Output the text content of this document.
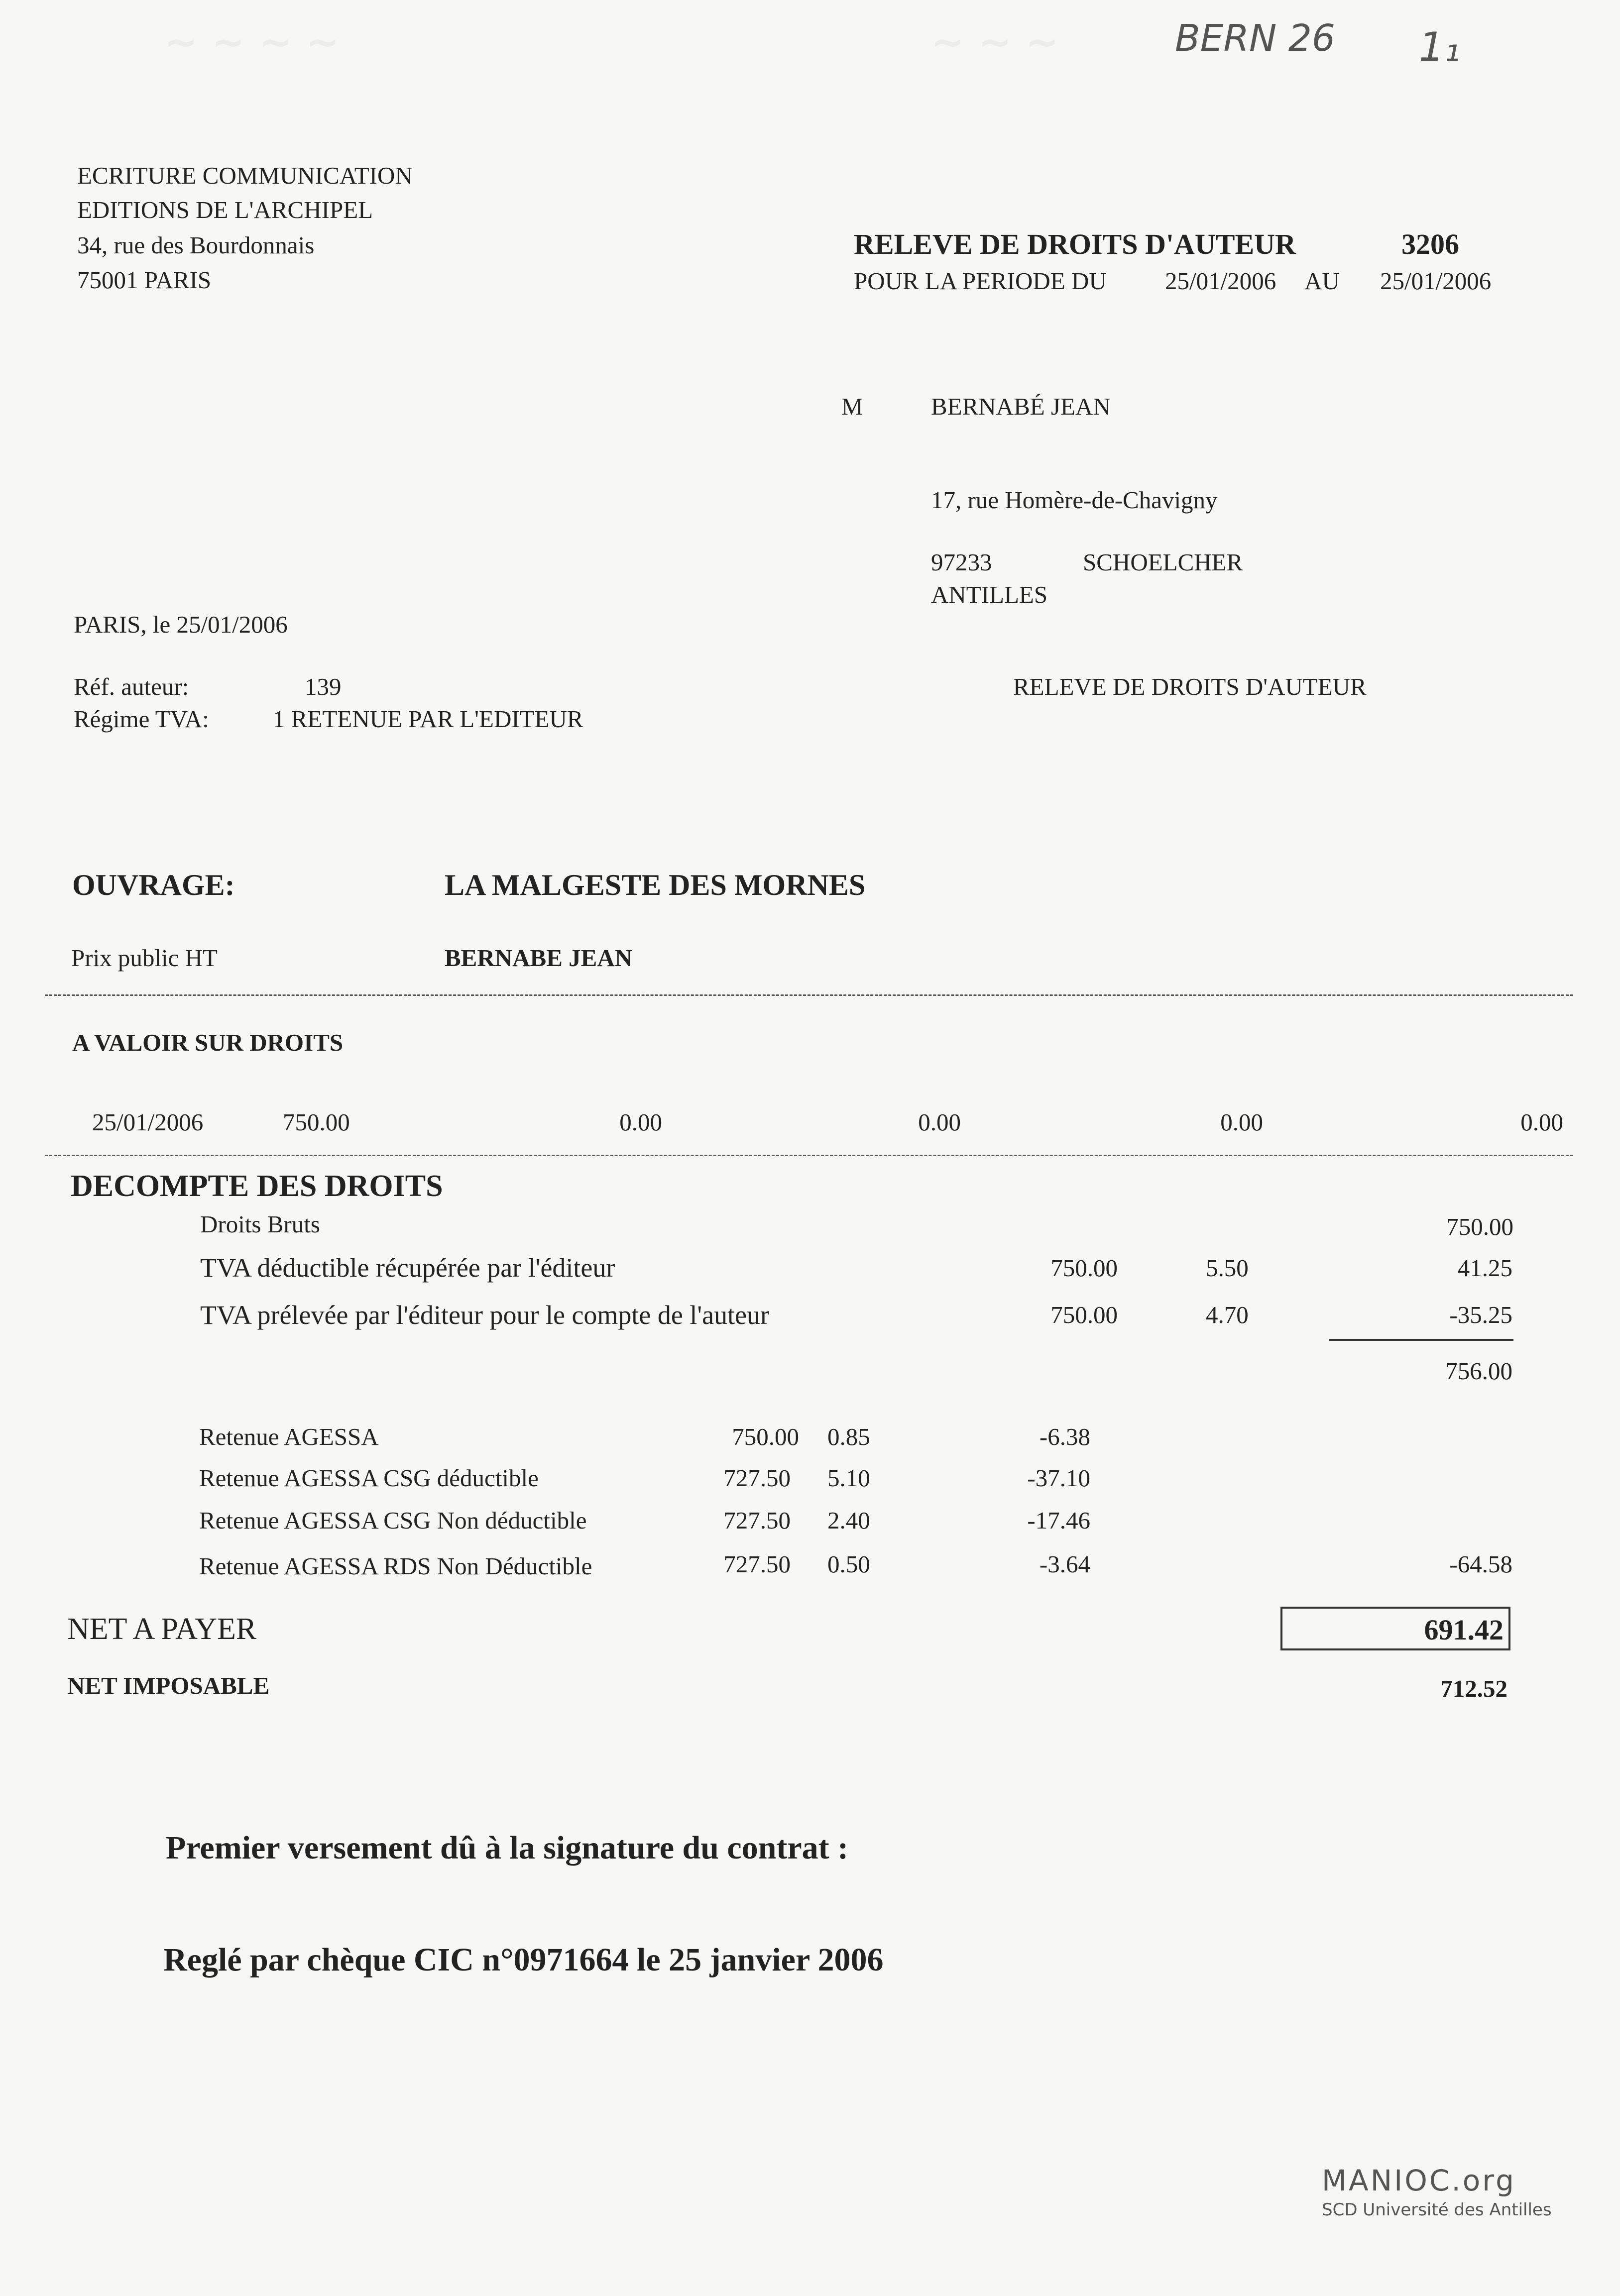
~ ~ ~ ~	~ ~ ~	BERN 26 1₁
ECRITURE COMMUNICATION
EDITIONS DE L'ARCHIPEL
34, rue des Bourdonnais
75001 PARIS
RELEVE DE DROITS D'AUTEUR	3206
POUR LA PERIODE DU 25/01/2006 AU 25/01/2006
M	BERNABÉ JEAN
17, rue Homère-de-Chavigny
97233	SCHOELCHER
ANTILLES
PARIS, le 25/01/2006
Réf. auteur:	139
Régime TVA:	1 RETENUE PAR L'EDITEUR
RELEVE DE DROITS D'AUTEUR
OUVRAGE:	LA MALGESTE DES MORNES
Prix public HT	BERNABE JEAN
A VALOIR SUR DROITS
25/01/2006	750.00	0.00	0.00	0.00	0.00
DECOMPTE DES DROITS
Droits Bruts	750.00
TVA déductible récupérée par l'éditeur	750.00	5.50	41.25
TVA prélevée par l'éditeur pour le compte de l'auteur	750.00	4.70	-35.25
756.00
Retenue AGESSA	750.00 0.85	-6.38
Retenue AGESSA CSG déductible	727.50 5.10	-37.10
Retenue AGESSA CSG Non déductible	727.50 2.40	-17.46
Retenue AGESSA RDS Non Déductible	727.50 0.50	-3.64	-64.58
NET A PAYER	691.42
NET IMPOSABLE	712.52
Premier versement dû à la signature du contrat :
Reglé par chèque CIC n°0971664 le 25 janvier 2006
MANIOC.org
SCD Université des Antilles
